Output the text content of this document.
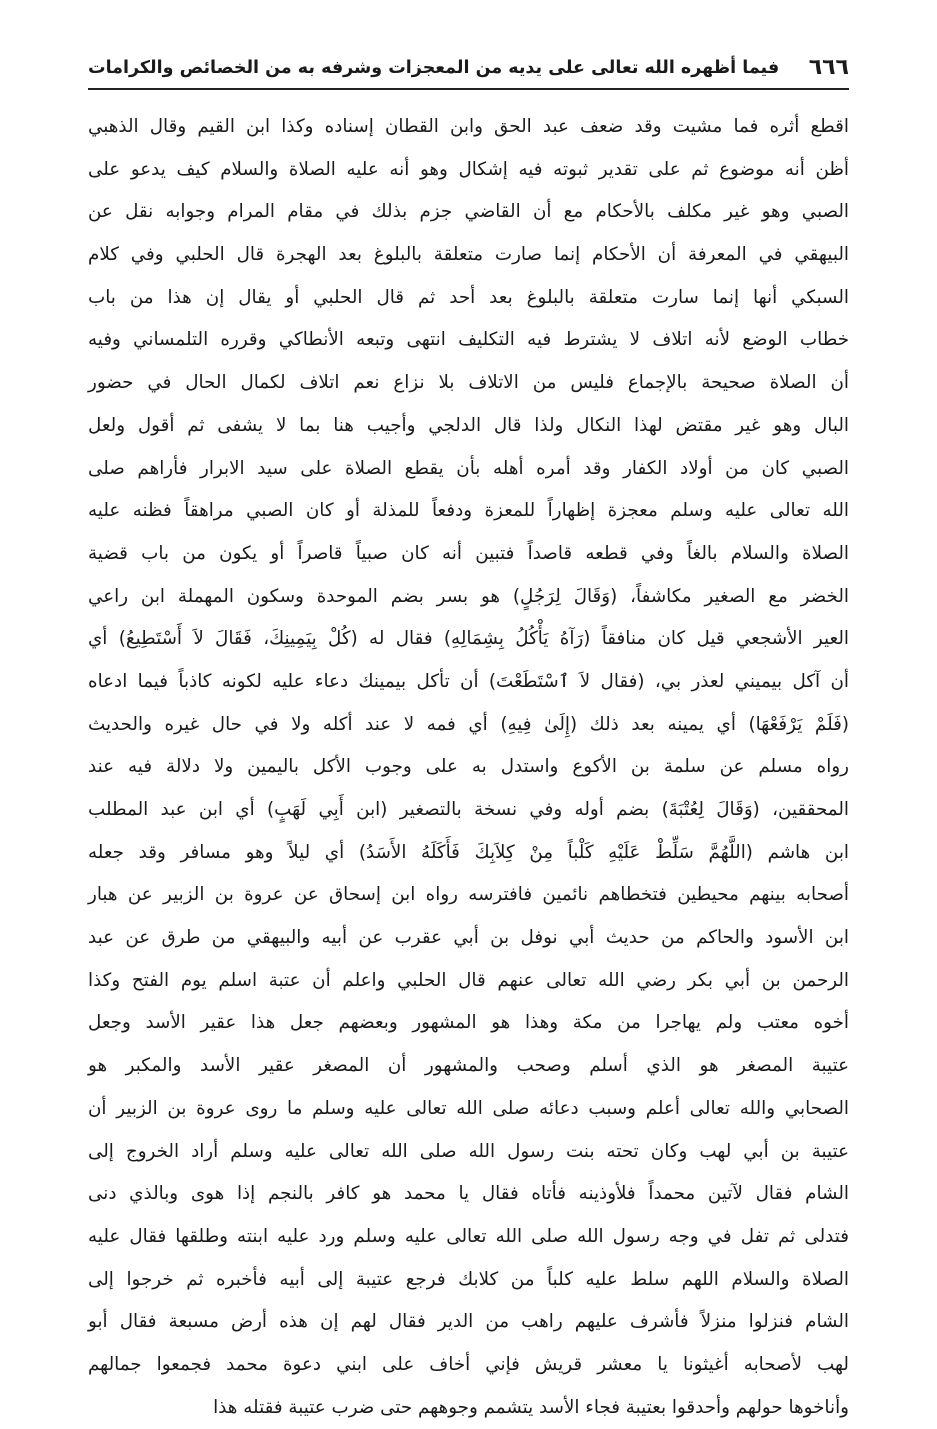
٦٦٦
فيما أظهره الله تعالى على يديه من المعجزات وشرفه به من الخصائص والكرامات
اقطع أثره فما مشيت وقد ضعف عبد الحق وابن القطان إسناده وكذا ابن القيم وقال الذهبي
أظن أنه موضوع ثم على تقدير ثبوته فيه إشكال وهو أنه عليه الصلاة والسلام كيف يدعو على
الصبي وهو غير مكلف بالأحكام مع أن القاضي جزم بذلك في مقام المرام وجوابه نقل عن
البيهقي في المعرفة أن الأحكام إنما صارت متعلقة بالبلوغ بعد الهجرة قال الحلبي وفي كلام
السبكي أنها إنما سارت متعلقة بالبلوغ بعد أحد ثم قال الحلبي أو يقال إن هذا من باب
خطاب الوضع لأنه اتلاف لا يشترط فيه التكليف انتهى وتبعه الأنطاكي وقرره التلمساني وفيه
أن الصلاة صحيحة بالإجماع فليس من الاتلاف بلا نزاع نعم اتلاف لكمال الحال في حضور
البال وهو غير مقتض لهذا النكال ولذا قال الدلجي وأجيب هنا بما لا يشفى ثم أقول ولعل
الصبي كان من أولاد الكفار وقد أمره أهله بأن يقطع الصلاة على سيد الابرار فأراهم صلى
الله تعالى عليه وسلم معجزة إظهاراً للمعزة ودفعاً للمذلة أو كان الصبي مراهقاً فظنه عليه
الصلاة والسلام بالغاً وفي قطعه قاصداً فتبين أنه كان صبياً قاصراً أو يكون من باب قضية
الخضر مع الصغير مكاشفاً، (وَقَالَ لِرَجُلٍ) هو بسر بضم الموحدة وسكون المهملة ابن راعي
العير الأشجعي قيل كان منافقاً (رَآهُ يَأْكُلُ بِشِمَالِهِ) فقال له (كُلْ بِيَمِينِكَ، فَقَالَ لاَ أَسْتَطِيعُ) أي
أن آكل بيميني لعذر بي، (فقال لاَ ٱسْتَطَعْتَ) أن تأكل بيمينك دعاء عليه لكونه كاذباً فيما ادعاه
(فَلَمْ يَرْفَعْهَا) أي يمينه بعد ذلك (إِلَىٰ فِيهِ) أي فمه لا عند أكله ولا في حال غيره والحديث
رواه مسلم عن سلمة بن الأكوع واستدل به على وجوب الأكل باليمين ولا دلالة فيه عند
المحققين، (وَقَالَ لِعُتْبَةَ) بضم أوله وفي نسخة بالتصغير (ابن أَبِي لَهَبٍ) أي ابن عبد المطلب
ابن هاشم (اللَّهُمَّ سَلِّطْ عَلَيْهِ كَلْباً مِنْ كِلاَبِكَ فَأَكَلَهُ الأَسَدُ) أي ليلاً وهو مسافر وقد جعله
أصحابه بينهم محيطين فتخطاهم نائمين فافترسه رواه ابن إسحاق عن عروة بن الزبير عن هبار
ابن الأسود والحاكم من حديث أبي نوفل بن أبي عقرب عن أبيه والبيهقي من طرق عن عبد
الرحمن بن أبي بكر رضي الله تعالى عنهم قال الحلبي واعلم أن عتبة اسلم يوم الفتح وكذا
أخوه معتب ولم يهاجرا من مكة وهذا هو المشهور وبعضهم جعل هذا عقير الأسد وجعل
عتيبة المصغر هو الذي أسلم وصحب والمشهور أن المصغر عقير الأسد والمكبر هو
الصحابي والله تعالى أعلم وسبب دعائه صلى الله تعالى عليه وسلم ما روى عروة بن الزبير أن
عتيبة بن أبي لهب وكان تحته بنت رسول الله صلى الله تعالى عليه وسلم أراد الخروج إلى
الشام فقال لآتين محمداً فلأوذينه فأتاه فقال يا محمد هو كافر بالنجم إذا هوى وبالذي دنى
فتدلى ثم تفل في وجه رسول الله صلى الله تعالى عليه وسلم ورد عليه ابنته وطلقها فقال عليه
الصلاة والسلام اللهم سلط عليه كلباً من كلابك فرجع عتيبة إلى أبيه فأخبره ثم خرجوا إلى
الشام فنزلوا منزلاً فأشرف عليهم راهب من الدير فقال لهم إن هذه أرض مسبعة فقال أبو
لهب لأصحابه أغيثونا يا معشر قريش فإني أخاف على ابني دعوة محمد فجمعوا جمالهم
وأناخوها حولهم وأحدقوا بعتيبة فجاء الأسد يتشمم وجوههم حتى ضرب عتيبة فقتله هذا
